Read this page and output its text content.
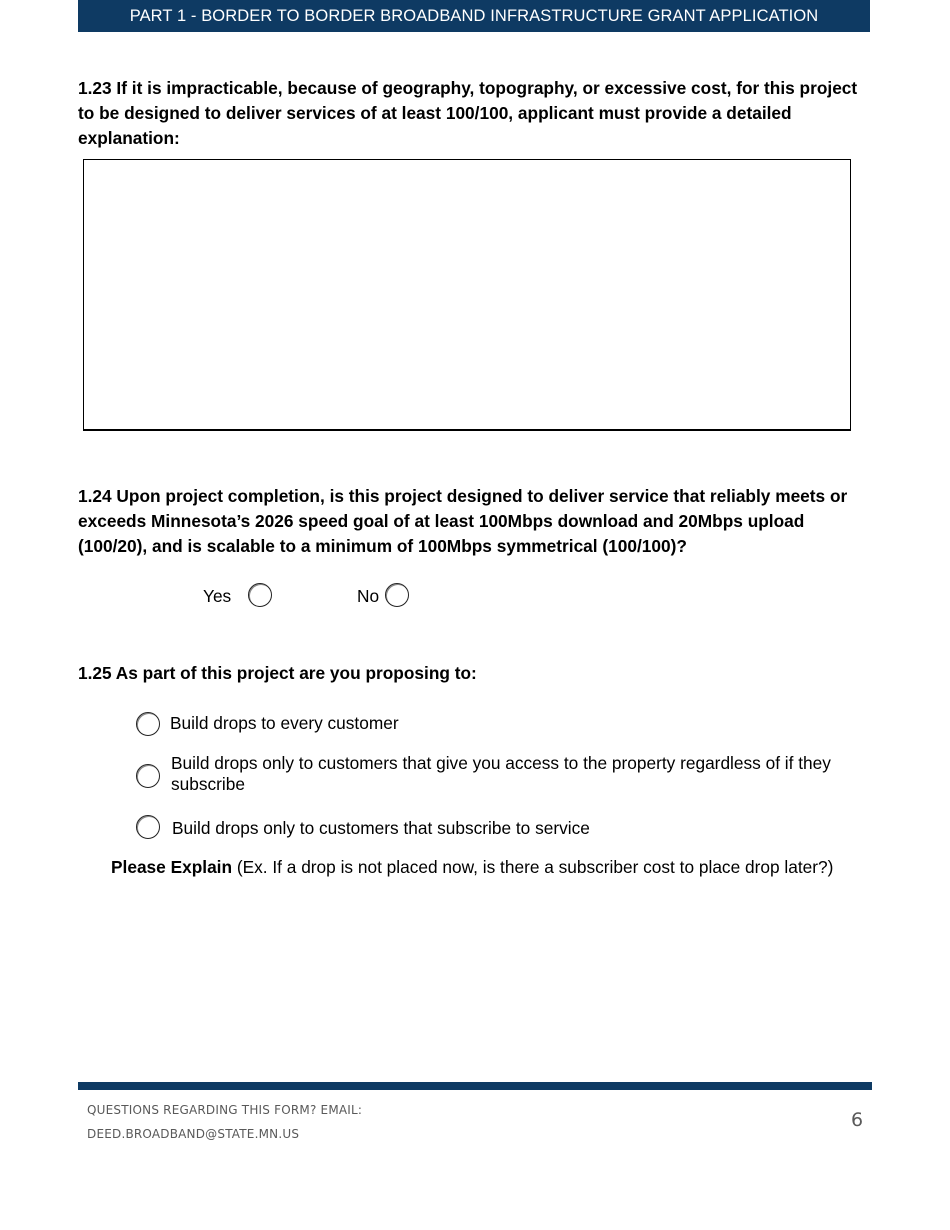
PART 1 - BORDER TO BORDER BROADBAND INFRASTRUCTURE GRANT APPLICATION
1.23 If it is impracticable, because of geography, topography, or excessive cost, for this project to be designed to deliver services of at least 100/100, applicant must provide a detailed explanation:
1.24 Upon project completion, is this project designed to deliver service that reliably meets or exceeds Minnesota’s 2026 speed goal of at least 100Mbps download and 20Mbps upload (100/20), and is scalable to a minimum of 100Mbps symmetrical (100/100)?
Yes	No
1.25 As part of this project are you proposing to:
Build drops to every customer
Build drops only to customers that give you access to the property regardless of if they subscribe
Build drops only to customers that subscribe to service
Please Explain (Ex. If a drop is not placed now, is there a subscriber cost to place drop later?)
QUESTIONS REGARDING THIS FORM? EMAIL:
DEED.BROADBAND@STATE.MN.US
6
